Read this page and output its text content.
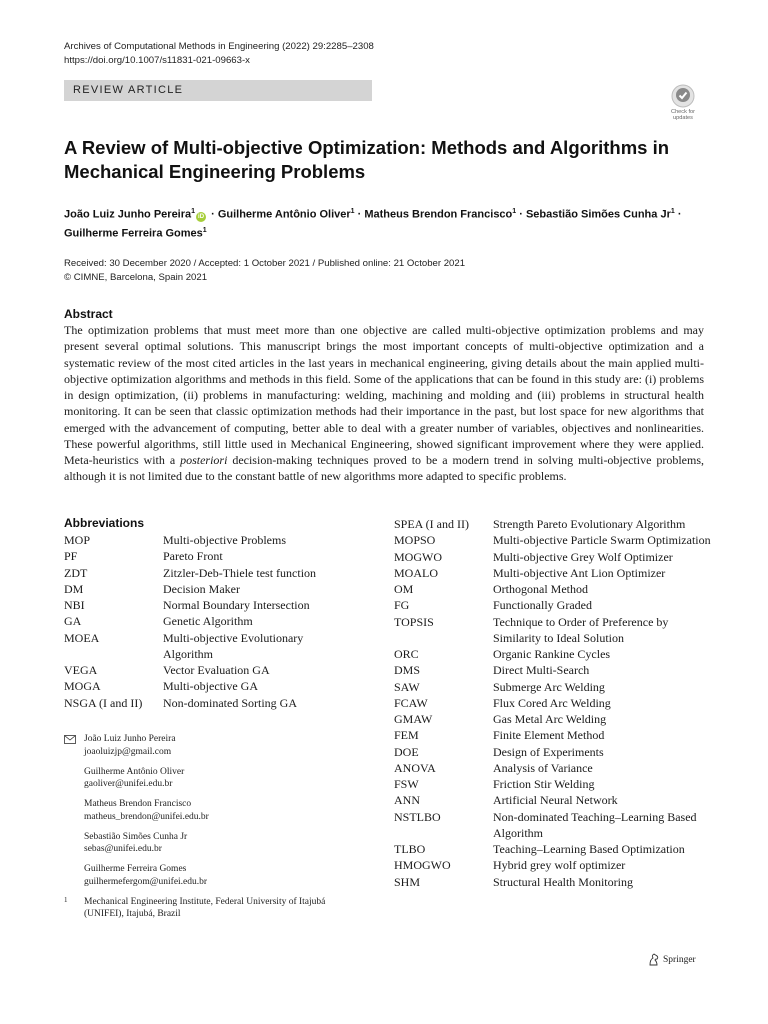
Archives of Computational Methods in Engineering (2022) 29:2285–2308
https://doi.org/10.1007/s11831-021-09663-x
REVIEW ARTICLE
Check for updates
A Review of Multi-objective Optimization: Methods and Algorithms in Mechanical Engineering Problems
João Luiz Junho Pereira$^1$iD · Guilherme Antônio Oliver$^1$ · Matheus Brendon Francisco$^1$ · Sebastião Simões Cunha $Jr^1$ ·
Guilherme Ferreira Gomes$^1$
Received: 30 December 2020 / Accepted: 1 October 2021 / Published online: 21 October 2021
© CIMNE, Barcelona, Spain 2021
Abstract
The optimization problems that must meet more than one objective are called multi-objective optimization problems and may present several optimal solutions. This manuscript brings the most important concepts of multi-objective optimization and a systematic review of the most cited articles in the last years in mechanical engineering, giving details about the main applied multi-objective optimization algorithms and methods in this field. Some of the applications that can be found in this study are: (i) problems in design optimization, (ii) problems in manufacturing: welding, machining and molding and (iii) problems in structural health monitoring. It can be seen that classic optimization methods had their importance in the past, but lost space for new algorithms that emerged with the advancement of computing, better able to deal with a greater number of variables, objectives and nonlinearities. These powerful algorithms, still little used in Mechanical Engineering, showed significant improvement where they were applied. Meta-heuristics with a posteriori decision-making techniques proved to be a modern trend in solving multi-objective problems, although it is not limited due to the constant battle of new algorithms more adapted to specific problems.
Abbreviations
MOP	Multi-objective Problems
PF	Pareto Front
ZDT	Zitzler-Deb-Thiele test function
DM	Decision Maker
NBI	Normal Boundary Intersection
GA	Genetic Algorithm
MOEA	Multi-objective Evolutionary Algorithm
VEGA	Vector Evaluation GA
MOGA	Multi-objective GA
NSGA (I and II)	Non-dominated Sorting GA
SPEA (I and II)	Strength Pareto Evolutionary Algorithm
MOPSO	Multi-objective Particle Swarm Optimization
MOGWO	Multi-objective Grey Wolf Optimizer
MOALO	Multi-objective Ant Lion Optimizer
OM	Orthogonal Method
FG	Functionally Graded
TOPSIS	Technique to Order of Preference by Similarity to Ideal Solution
ORC	Organic Rankine Cycles
DMS	Direct Multi-Search
SAW	Submerge Arc Welding
FCAW	Flux Cored Arc Welding
GMAW	Gas Metal Arc Welding
FEM	Finite Element Method
DOE	Design of Experiments
ANOVA	Analysis of Variance
FSW	Friction Stir Welding
ANN	Artificial Neural Network
NSTLBO	Non-dominated Teaching–Learning Based Algorithm
TLBO	Teaching–Learning Based Optimization
HMOGWO	Hybrid grey wolf optimizer
SHM	Structural Health Monitoring
João Luiz Junho Pereira
joaoluizjp@gmail.com
Guilherme Antônio Oliver
gaoliver@unifei.edu.br
Matheus Brendon Francisco
matheus_brendon@unifei.edu.br
Sebastião Simões Cunha Jr
sebas@unifei.edu.br
Guilherme Ferreira Gomes
guilhermefergom@unifei.edu.br
1 Mechanical Engineering Institute, Federal University of Itajubá (UNIFEI), Itajubá, Brazil
Springer
